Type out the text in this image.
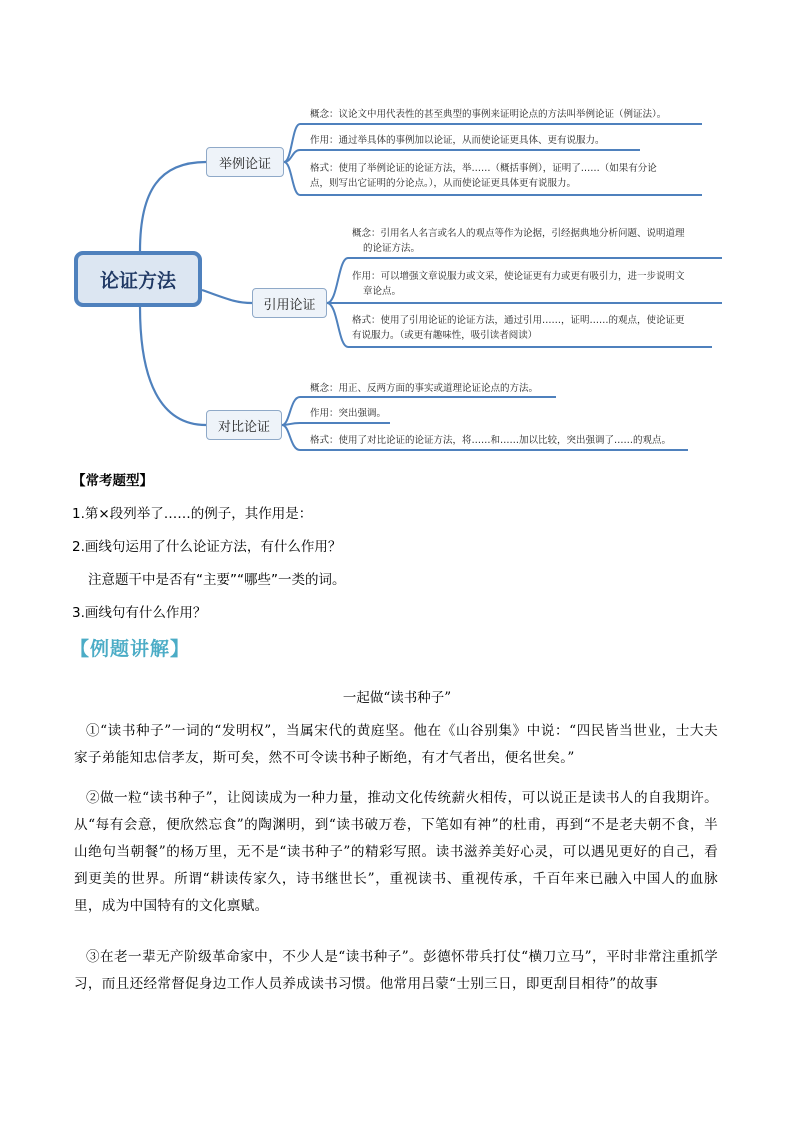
论证方法
举例论证
引用论证
对比论证
概念：议论文中用代表性的甚至典型的事例来证明论点的方法叫举例论证（例证法）。
作用：通过举具体的事例加以论证，从而使论证更具体、更有说服力。
格式：使用了举例论证的论证方法，举……（概括事例），证明了……（如果有分论
点，则写出它证明的分论点。），从而使论证更具体更有说服力。
概念：引用名人名言或名人的观点等作为论据，引经据典地分析问题、说明道理

的论证方法。
作用：可以增强文章说服力或文采，使论证更有力或更有吸引力，进一步说明文

章论点。
格式：使用了引用论证的论证方法，通过引用……，证明……的观点，使论证更
有说服力。（或更有趣味性，吸引读者阅读）
概念：用正、反两方面的事实或道理论证论点的方法。
作用：突出强调。
格式：使用了对比论证的论证方法，将……和……加以比较，突出强调了……的观点。
【常考题型】
1.第×段列举了……的例子，其作用是：
2.画线句运用了什么论证方法，有什么作用？
注意题干中是否有“主要”“哪些”一类的词。
3.画线句有什么作用？
【例题讲解】
一起做“读书种子”
①“读书种子”一词的“发明权”，当属宋代的黄庭坚。他在《山谷别集》中说：“四民皆当世业，士大夫家子弟能知忠信孝友，斯可矣，然不可令读书种子断绝，有才气者出，便名世矣。”
②做一粒“读书种子”，让阅读成为一种力量，推动文化传统薪火相传，可以说正是读书人的自我期许。从“每有会意，便欣然忘食”的陶渊明，到“读书破万卷，下笔如有神”的杜甫，再到“不是老夫朝不食，半山绝句当朝餐”的杨万里，无不是“读书种子”的精彩写照。读书滋养美好心灵，可以遇见更好的自己，看到更美的世界。所谓“耕读传家久，诗书继世长”，重视读书、重视传承，千百年来已融入中国人的血脉里，成为中国特有的文化禀赋。
③在老一辈无产阶级革命家中，不少人是“读书种子”。彭德怀带兵打仗“横刀立马”，平时非常注重抓学习，而且还经常督促身边工作人员养成读书习惯。他常用吕蒙“士别三日，即更刮目相待”的故事
